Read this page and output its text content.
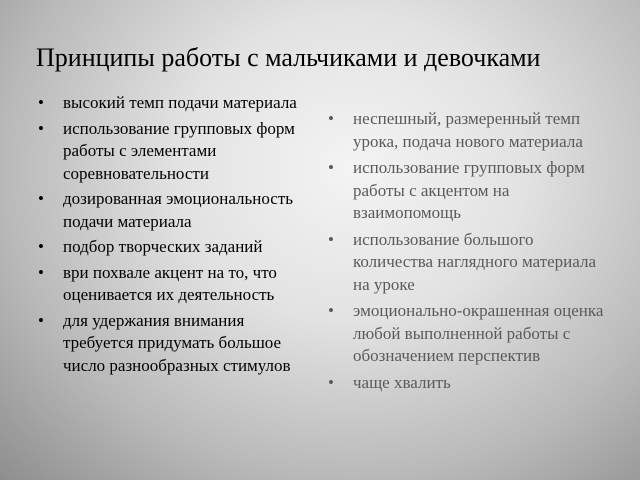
Принципы работы с мальчиками и девочками
• высокий темп подачи материала
• использование групповых форм работы с элементами соревновательности
• дозированная эмоциональность подачи материала
• подбор творческих заданий
• ври похвале акцент на то, что оценивается их деятельность
• для удержания внимания требуется придумать большое число разнообразных стимулов
• неспешный, размеренный темп урока, подача нового материала
• использование групповых форм работы с акцентом на взаимопомощь
• использование большого количества наглядного материала на уроке
• эмоционально-окрашенная оценка любой выполненной работы с обозначением перспектив
• чаще хвалить
